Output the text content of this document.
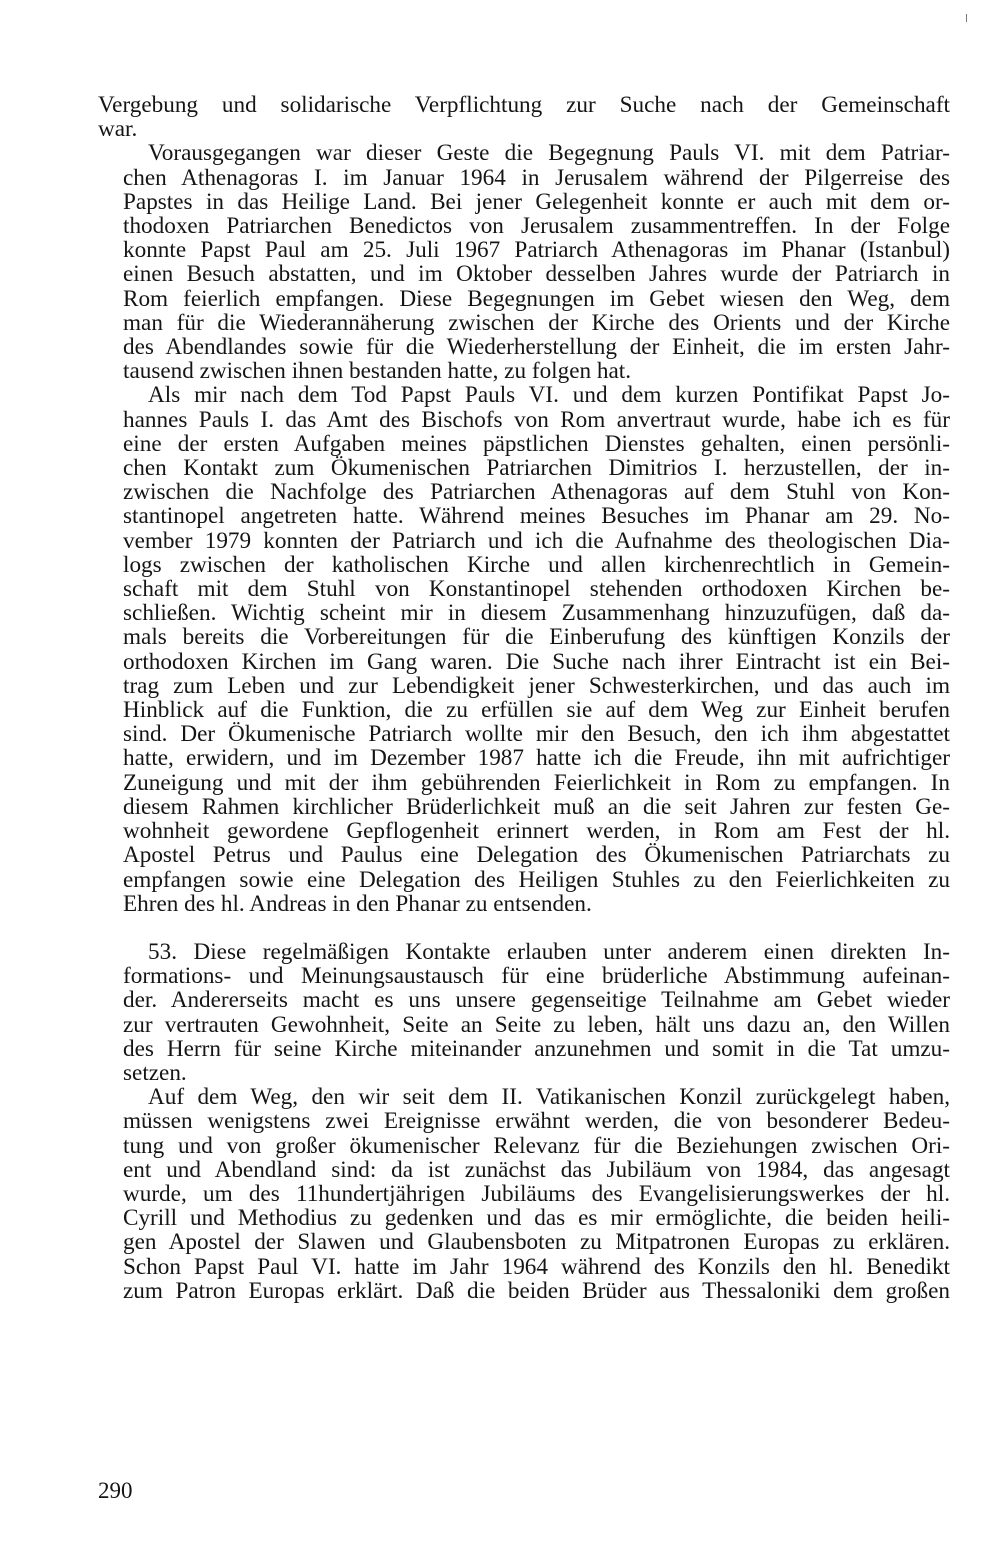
Vergebung und solidarische Verpflichtung zur Suche nach der Gemeinschaft
war.

Vorausgegangen war dieser Geste die Begegnung Pauls VI. mit dem Patriar-
chen Athenagoras I. im Januar 1964 in Jerusalem während der Pilgerreise des
Papstes in das Heilige Land. Bei jener Gelegenheit konnte er auch mit dem or-
thodoxen Patriarchen Benedictos von Jerusalem zusammentreffen. In der Folge
konnte Papst Paul am 25. Juli 1967 Patriarch Athenagoras im Phanar (Istanbul)
einen Besuch abstatten, und im Oktober desselben Jahres wurde der Patriarch in
Rom feierlich empfangen. Diese Begegnungen im Gebet wiesen den Weg, dem
man für die Wiederannäherung zwischen der Kirche des Orients und der Kirche
des Abendlandes sowie für die Wiederherstellung der Einheit, die im ersten Jahr-
tausend zwischen ihnen bestanden hatte, zu folgen hat.

Als mir nach dem Tod Papst Pauls VI. und dem kurzen Pontifikat Papst Jo-
hannes Pauls I. das Amt des Bischofs von Rom anvertraut wurde, habe ich es für
eine der ersten Aufgaben meines päpstlichen Dienstes gehalten, einen persönli-
chen Kontakt zum Ökumenischen Patriarchen Dimitrios I. herzustellen, der in-
zwischen die Nachfolge des Patriarchen Athenagoras auf dem Stuhl von Kon-
stantinopel angetreten hatte. Während meines Besuches im Phanar am 29. No-
vember 1979 konnten der Patriarch und ich die Aufnahme des theologischen Dia-
logs zwischen der katholischen Kirche und allen kirchenrechtlich in Gemein-
schaft mit dem Stuhl von Konstantinopel stehenden orthodoxen Kirchen be-
schließen. Wichtig scheint mir in diesem Zusammenhang hinzuzufügen, daß da-
mals bereits die Vorbereitungen für die Einberufung des künftigen Konzils der
orthodoxen Kirchen im Gang waren. Die Suche nach ihrer Eintracht ist ein Bei-
trag zum Leben und zur Lebendigkeit jener Schwesterkirchen, und das auch im
Hinblick auf die Funktion, die zu erfüllen sie auf dem Weg zur Einheit berufen
sind. Der Ökumenische Patriarch wollte mir den Besuch, den ich ihm abgestattet
hatte, erwidern, und im Dezember 1987 hatte ich die Freude, ihn mit aufrichtiger
Zuneigung und mit der ihm gebührenden Feierlichkeit in Rom zu empfangen. In
diesem Rahmen kirchlicher Brüderlichkeit muß an die seit Jahren zur festen Ge-
wohnheit gewordene Gepflogenheit erinnert werden, in Rom am Fest der hl.
Apostel Petrus und Paulus eine Delegation des Ökumenischen Patriarchats zu
empfangen sowie eine Delegation des Heiligen Stuhles zu den Feierlichkeiten zu
Ehren des hl. Andreas in den Phanar zu entsenden.

53. Diese regelmäßigen Kontakte erlauben unter anderem einen direkten In-
formations- und Meinungsaustausch für eine brüderliche Abstimmung aufeinan-
der. Andererseits macht es uns unsere gegenseitige Teilnahme am Gebet wieder
zur vertrauten Gewohnheit, Seite an Seite zu leben, hält uns dazu an, den Willen
des Herrn für seine Kirche miteinander anzunehmen und somit in die Tat umzu-
setzen.

Auf dem Weg, den wir seit dem II. Vatikanischen Konzil zurückgelegt haben,
müssen wenigstens zwei Ereignisse erwähnt werden, die von besonderer Bedeu-
tung und von großer ökumenischer Relevanz für die Beziehungen zwischen Ori-
ent und Abendland sind: da ist zunächst das Jubiläum von 1984, das angesagt
wurde, um des 11hundertjährigen Jubiläums des Evangelisierungswerkes der hl.
Cyrill und Methodius zu gedenken und das es mir ermöglichte, die beiden heili-
gen Apostel der Slawen und Glaubensboten zu Mitpatronen Europas zu erklären.
Schon Papst Paul VI. hatte im Jahr 1964 während des Konzils den hl. Benedikt
zum Patron Europas erklärt. Daß die beiden Brüder aus Thessaloniki dem großen

290
